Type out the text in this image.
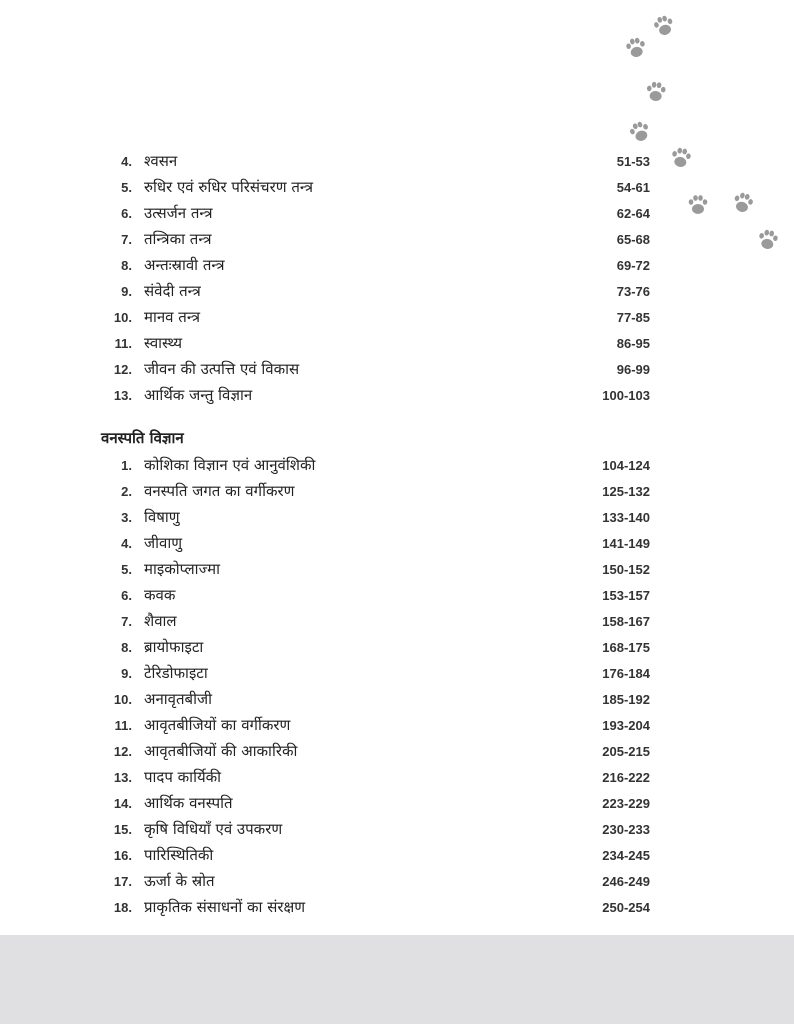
4. श्वसन	51-53
5. रुधिर एवं रुधिर परिसंचरण तन्त्र	54-61
6. उत्सर्जन तन्त्र	62-64
7. तन्त्रिका तन्त्र	65-68
8. अन्तःस्रावी तन्त्र	69-72
9. संवेदी तन्त्र	73-76
10. मानव तन्त्र	77-85
11. स्वास्थ्य	86-95
12. जीवन की उत्पत्ति एवं विकास	96-99
13. आर्थिक जन्तु विज्ञान	100-103
वनस्पति विज्ञान
1. कोशिका विज्ञान एवं आनुवंशिकी	104-124
2. वनस्पति जगत का वर्गीकरण	125-132
3. विषाणु	133-140
4. जीवाणु	141-149
5. माइकोप्लाज्मा	150-152
6. कवक	153-157
7. शैवाल	158-167
8. ब्रायोफाइटा	168-175
9. टेरिडोफाइटा	176-184
10. अनावृतबीजी	185-192
11. आवृतबीजियों का वर्गीकरण	193-204
12. आवृतबीजियों की आकारिकी	205-215
13. पादप कार्यिकी	216-222
14. आर्थिक वनस्पति	223-229
15. कृषि विधियाँ एवं उपकरण	230-233
16. पारिस्थितिकी	234-245
17. ऊर्जा के स्रोत	246-249
18. प्राकृतिक संसाधनों का संरक्षण	250-254
